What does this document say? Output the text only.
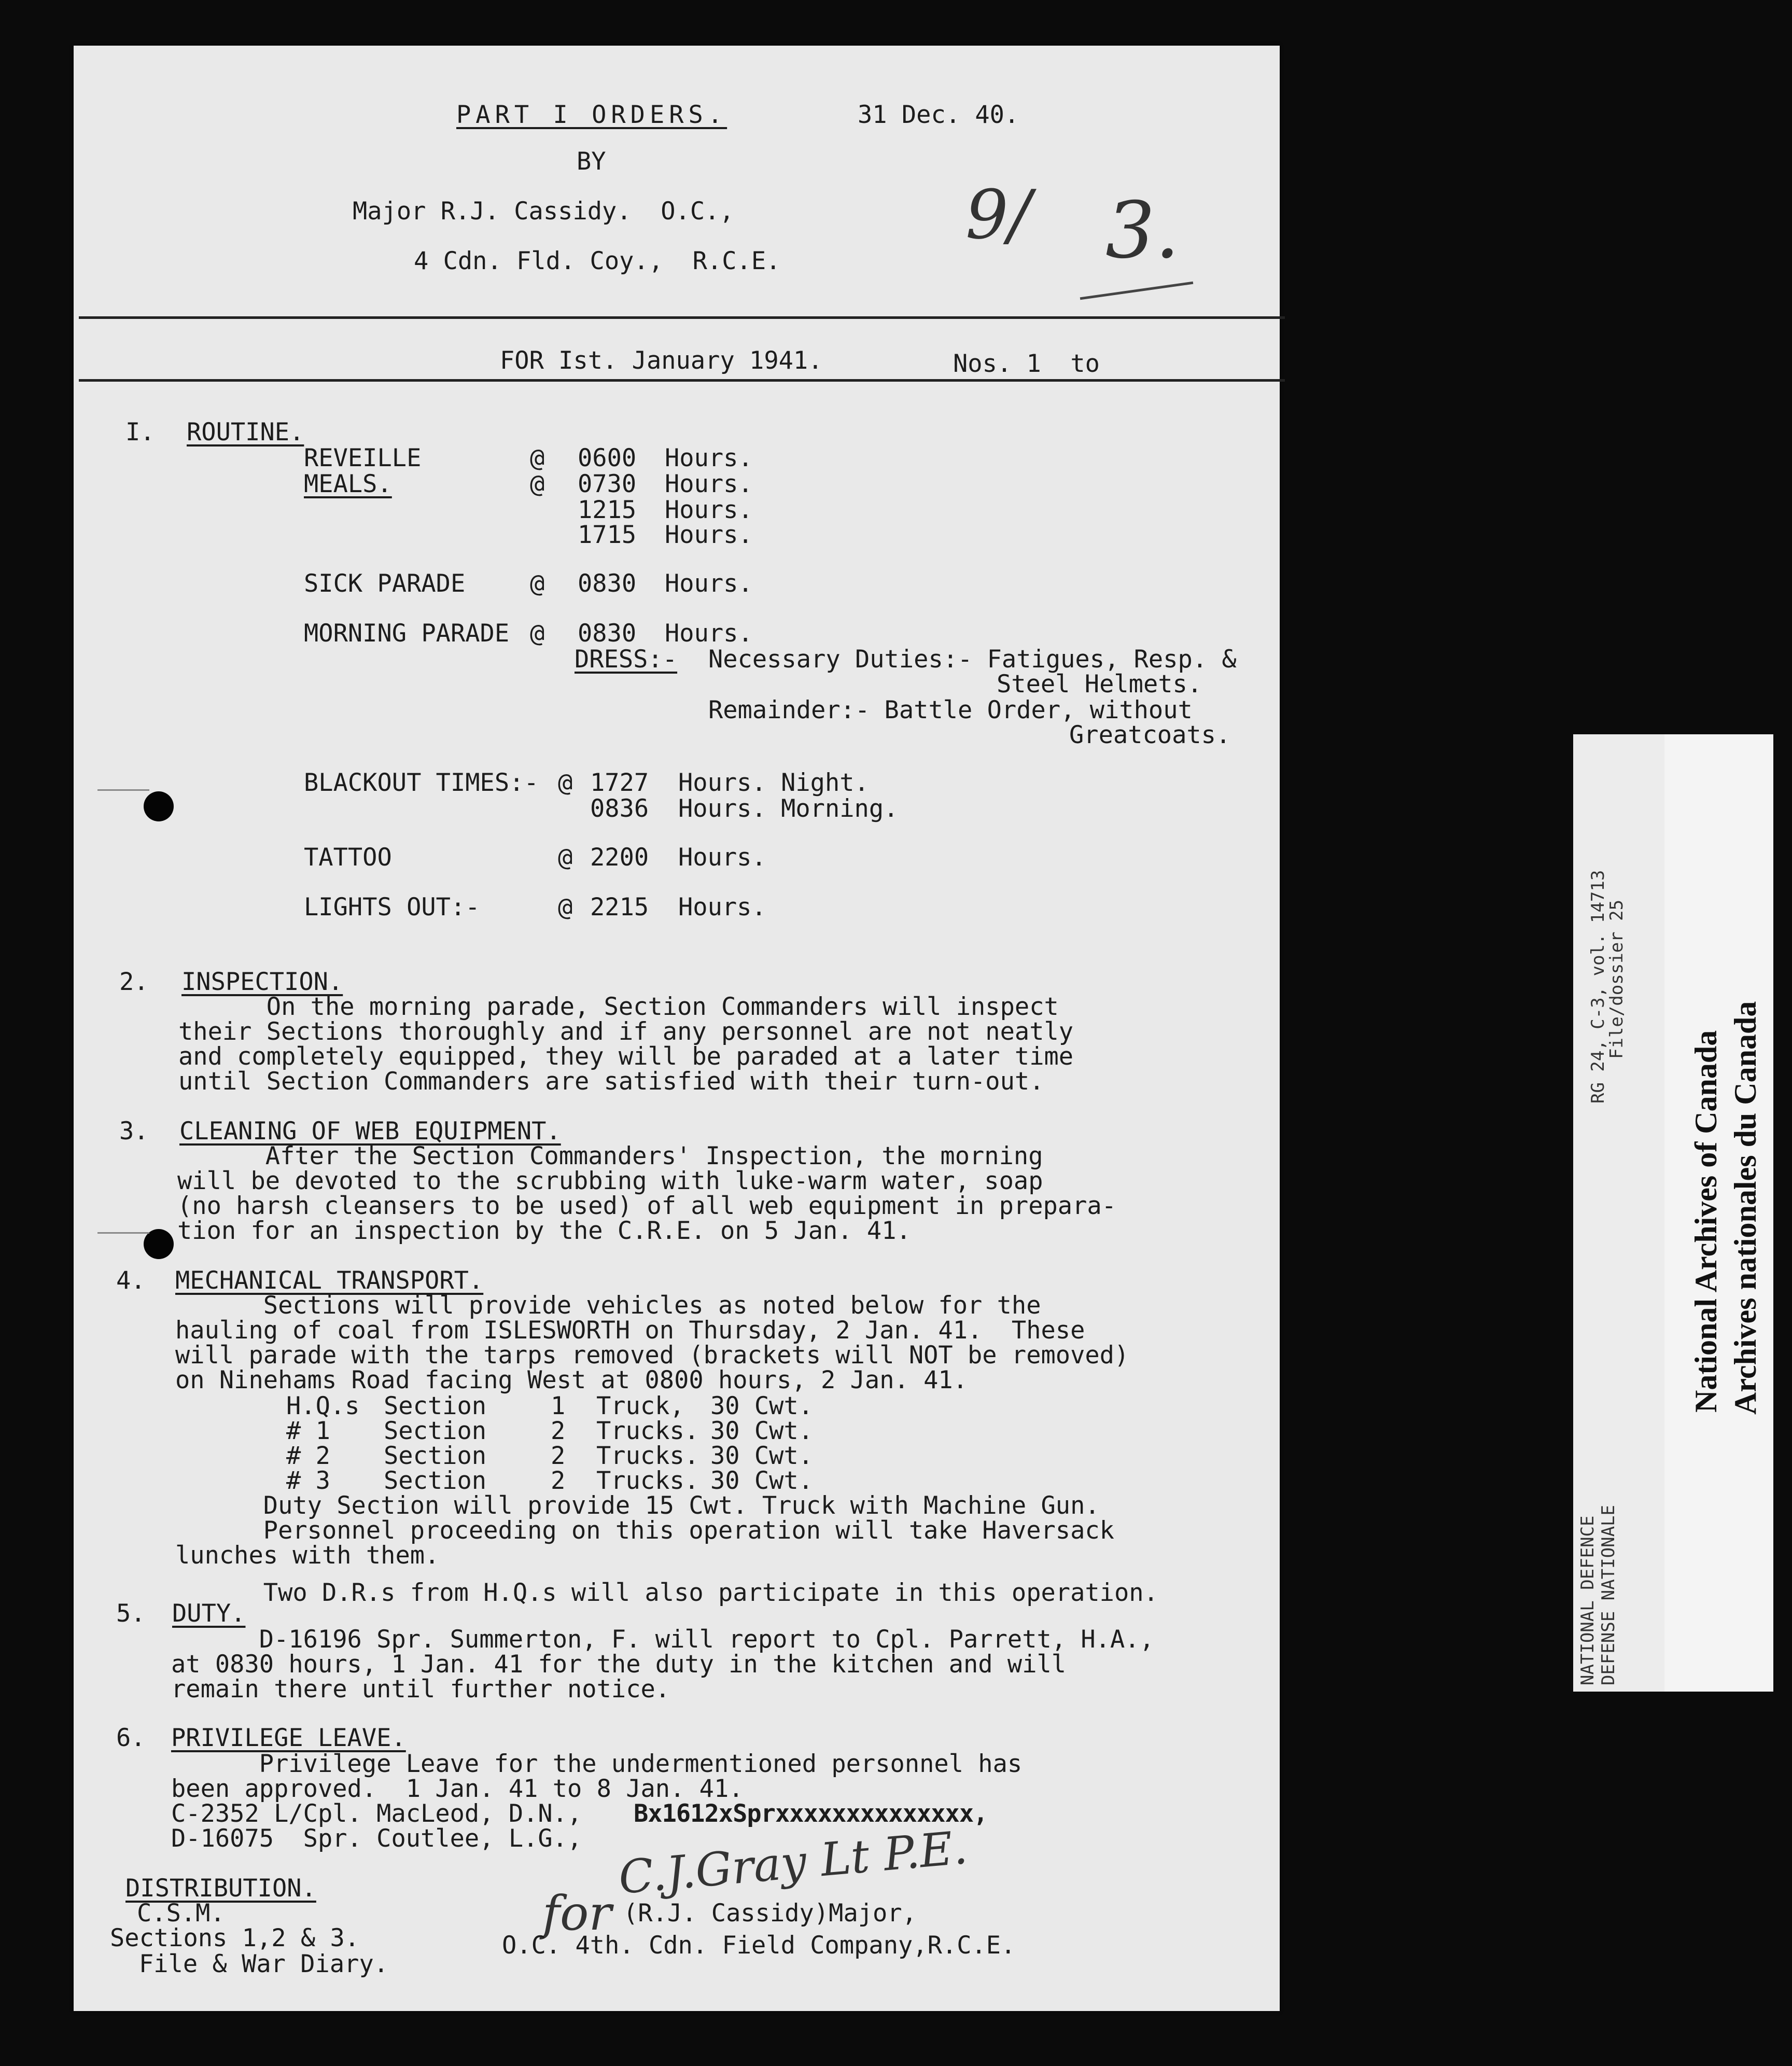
PART I ORDERS.	31 Dec. 40.
BY
Major R.J. Cassidy.  O.C.,
4 Cdn. Fld. Coy.,  R.C.E.
9/ 3.
FOR Ist. January 1941.	Nos. 1  to
I. ROUTINE.
REVEILLE	@ 0600 Hours.
MEALS.	@ 0730 Hours.
1215 Hours.
1715 Hours.
SICK PARADE	@ 0830 Hours.
MORNING PARADE @ 0830 Hours.
DRESS:- Necessary Duties:- Fatigues, Resp. &
Steel Helmets.
Remainder:- Battle Order, without
Greatcoats.
BLACKOUT TIMES:- @ 1727 Hours. Night.
0836 Hours. Morning.
TATTOO	@ 2200 Hours.
LIGHTS OUT:-	@ 2215 Hours.
2. INSPECTION.
On the morning parade, Section Commanders will inspect
their Sections thoroughly and if any personnel are not neatly
and completely equipped, they will be paraded at a later time
until Section Commanders are satisfied with their turn-out.
3. CLEANING OF WEB EQUIPMENT.
After the Section Commanders' Inspection, the morning
will be devoted to the scrubbing with luke-warm water, soap
(no harsh cleansers to be used) of all web equipment in prepara-
tion for an inspection by the C.R.E. on 5 Jan. 41.
4. MECHANICAL TRANSPORT.
Sections will provide vehicles as noted below for the
hauling of coal from ISLESWORTH on Thursday, 2 Jan. 41.  These
will parade with the tarps removed (brackets will NOT be removed)
on Ninehams Road facing West at 0800 hours, 2 Jan. 41.
H.Q.s Section	1 Truck, 30 Cwt.
# 1 Section	2 Trucks. 30 Cwt.
# 2 Section	2 Trucks. 30 Cwt.
# 3 Section	2 Trucks. 30 Cwt.
Duty Section will provide 15 Cwt. Truck with Machine Gun.
Personnel proceeding on this operation will take Haversack
lunches with them.
Two D.R.s from H.Q.s will also participate in this operation.
5. DUTY.
D-16196 Spr. Summerton, F. will report to Cpl. Parrett, H.A.,
at 0830 hours, 1 Jan. 41 for the duty in the kitchen and will
remain there until further notice.
6. PRIVILEGE LEAVE.
Privilege Leave for the undermentioned personnel has
been approved.  1 Jan. 41 to 8 Jan. 41.
C-2352 L/Cpl. MacLeod, D.N., Bx1612xSprxxxxxxxxxxxxxx,
D-16075  Spr. Coutlee, L.G.,
DISTRIBUTION.
C.S.M.
Sections 1,2 & 3.
File & War Diary.
for
C.J.Gray Lt P.E.
(R.J. Cassidy)Major,
O.C. 4th. Cdn. Field Company,R.C.E.
RG 24, C-3, vol. 14713
File/dossier 25
NATIONAL DEFENCE DEFENSE NATIONALE
National Archives of Canada Archives nationales du Canada
